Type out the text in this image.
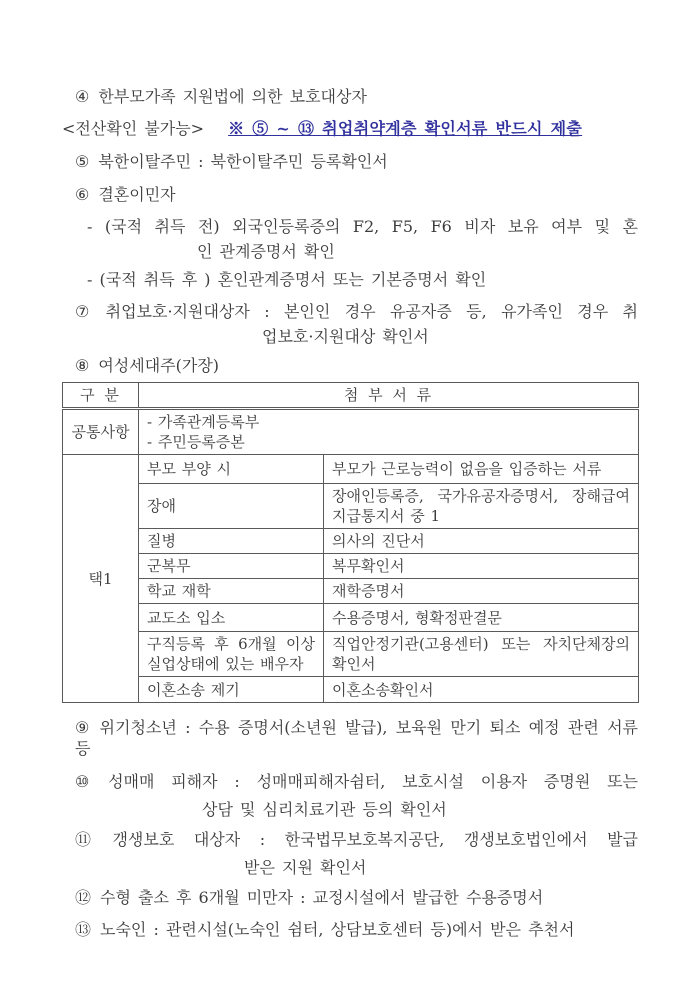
④ 한부모가족 지원법에 의한 보호대상자
<전산확인 불가능> ※ ⑤ ~ ⑬ 취업취약계층 확인서류 반드시 제출
⑤ 북한이탈주민 : 북한이탈주민 등록확인서
⑥ 결혼이민자
- (국적 취득 전) 외국인등록증의 F2, F5, F6 비자 보유 여부 및 혼
인 관계증명서 확인
- (국적 취득 후 ) 혼인관계증명서 또는 기본증명서 확인
⑦ 취업보호·지원대상자 : 본인인 경우 유공자증 등, 유가족인 경우 취
업보호·지원대상 확인서
⑧ 여성세대주(가장)
구 분	첨 부 서 류	
공통사항	- 가족관계등록부
- 주민등록증본	

택1	부모 부양 시	부모가 근로능력이 없음을 입증하는 서류
	장애	장애인등록증, 국가유공자증명서, 장해급여 지급통지서 중 1
	질병	의사의 진단서
	군복무	복무확인서
	학교 재학	재학증명서
	교도소 입소	수용증명서, 형확정판결문
	구직등록 후 6개월 이상 실업상태에 있는 배우자	직업안정기관(고용센터) 또는 자치단체장의 확인서
	이혼소송 제기	이혼소송확인서
⑨ 위기청소년 : 수용 증명서(소년원 발급), 보육원 만기 퇴소 예정 관련 서류 등
⑩ 성매매 피해자 : 성매매피해자쉼터, 보호시설 이용자 증명원 또는
상담 및 심리치료기관 등의 확인서
⑪ 갱생보호 대상자 : 한국법무보호복지공단, 갱생보호법인에서 발급
받은 지원 확인서
⑫ 수형 출소 후 6개월 미만자 : 교정시설에서 발급한 수용증명서
⑬ 노숙인 : 관련시설(노숙인 쉼터, 상담보호센터 등)에서 받은 추천서
